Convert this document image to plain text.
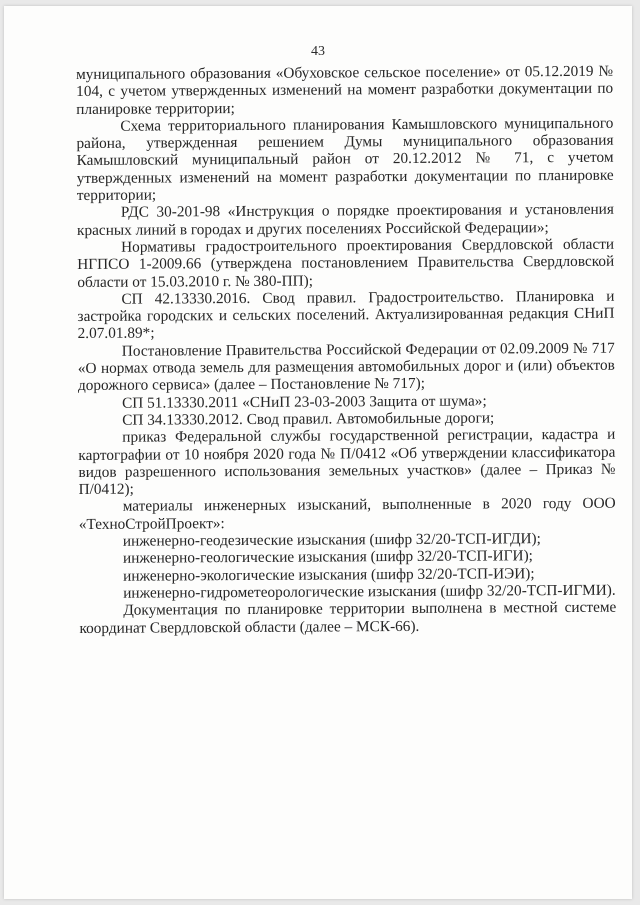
43

муниципального образования «Обуховское сельское поселение» от 05.12.2019 № 104, с учетом утвержденных изменений на момент разработки документации по планировке территории;

Схема территориального планирования Камышловского муниципального района, утвержденная решением Думы муниципального образования Камышловский муниципальный район от 20.12.2012 № 71, с учетом утвержденных изменений на момент разработки документации по планировке территории;

РДС 30-201-98 «Инструкция о порядке проектирования и установления красных линий в городах и других поселениях Российской Федерации»;

Нормативы градостроительного проектирования Свердловской области НГПСО 1-2009.66 (утверждена постановлением Правительства Свердловской области от 15.03.2010 г. № 380-ПП);

СП 42.13330.2016. Свод правил. Градостроительство. Планировка и застройка городских и сельских поселений. Актуализированная редакция СНиП 2.07.01.89*;

Постановление Правительства Российской Федерации от 02.09.2009 № 717 «О нормах отвода земель для размещения автомобильных дорог и (или) объектов дорожного сервиса» (далее – Постановление № 717);

СП 51.13330.2011 «СНиП 23-03-2003 Защита от шума»;

СП 34.13330.2012. Свод правил. Автомобильные дороги;

приказ Федеральной службы государственной регистрации, кадастра и картографии от 10 ноября 2020 года № П/0412 «Об утверждении классификатора видов разрешенного использования земельных участков» (далее – Приказ № П/0412);

материалы инженерных изысканий, выполненные в 2020 году ООО «ТехноСтройПроект»:

инженерно-геодезические изыскания (шифр 32/20-ТСП-ИГДИ);

инженерно-геологические изыскания (шифр 32/20-ТСП-ИГИ);

инженерно-экологические изыскания (шифр 32/20-ТСП-ИЭИ);

инженерно-гидрометеорологические изыскания (шифр 32/20-ТСП-ИГМИ).

Документация по планировке территории выполнена в местной системе координат Свердловской области (далее – МСК-66).
